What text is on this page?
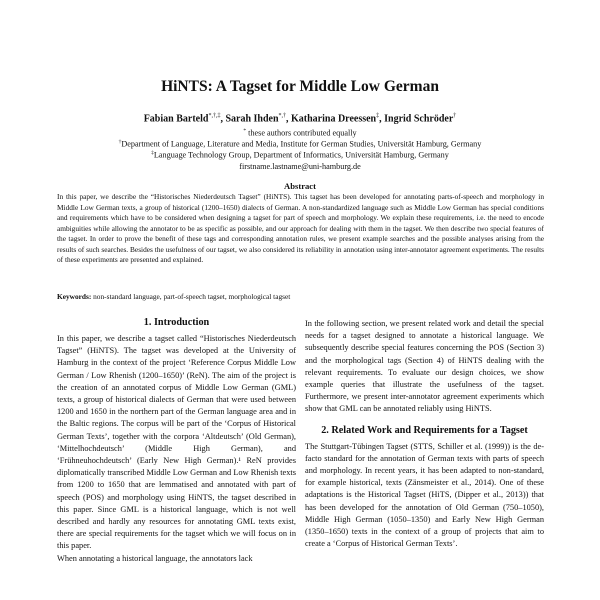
HiNTS: A Tagset for Middle Low German
Fabian Barteld*,†,‡, Sarah Ihden*,†, Katharina Dreessen‡, Ingrid Schröder†
* these authors contributed equally
†Department of Language, Literature and Media, Institute for German Studies, Universität Hamburg, Germany
‡Language Technology Group, Department of Informatics, Universität Hamburg, Germany
firstname.lastname@uni-hamburg.de
Abstract
In this paper, we describe the “Historisches Niederdeutsch Tagset” (HiNTS). This tagset has been developed for annotating parts-of-speech and morphology in Middle Low German texts, a group of historical (1200–1650) dialects of German. A non-standardized language such as Middle Low German has special conditions and requirements which have to be considered when designing a tagset for part of speech and morphology. We explain these requirements, i.e. the need to encode ambiguities while allowing the annotator to be as specific as possible, and our approach for dealing with them in the tagset. We then describe two special features of the tagset. In order to prove the benefit of these tags and corresponding annotation rules, we present example searches and the possible analyses arising from the results of such searches. Besides the usefulness of our tagset, we also considered its reliability in annotation using inter-annotator agreement experiments. The results of these experiments are presented and explained.
Keywords: non-standard language, part-of-speech tagset, morphological tagset
1. Introduction

In this paper, we describe a tagset called “Historisches Niederdeutsch Tagset” (HiNTS). The tagset was developed at the University of Hamburg in the context of the project ‘Reference Corpus Middle Low German / Low Rhenish (1200–1650)’ (ReN). The aim of the project is the creation of an annotated corpus of Middle Low German (GML) texts, a group of historical dialects of German that were used between 1200 and 1650 in the northern part of the German language area and in the Baltic regions. The corpus will be part of the ‘Corpus of Historical German Texts’, together with the corpora ‘Altdeutsch’ (Old German), ‘Mittelhochdeutsch’ (Middle High German), and ‘Frühneuhochdeutsch’ (Early New High German).¹ ReN provides diplomatically transcribed Middle Low German and Low Rhenish texts from 1200 to 1650 that are lemmatised and annotated with part of speech (POS) and morphology using HiNTS, the tagset described in this paper. Since GML is a historical language, which is not well described and hardly any resources for annotating GML texts exist, there are special requirements for the tagset which we will focus on in this paper.

When annotating a historical language, the annotators lack

In the following section, we present related work and detail the special needs for a tagset designed to annotate a historical language. We subsequently describe special features concerning the POS (Section 3) and the morphological tags (Section 4) of HiNTS dealing with the relevant requirements. To evaluate our design choices, we show example queries that illustrate the usefulness of the tagset. Furthermore, we present inter-annotator agreement experiments which show that GML can be annotated reliably using HiNTS.

2. Related Work and Requirements for a Tagset

The Stuttgart-Tübingen Tagset (STTS, Schiller et al. (1999)) is the de-facto standard for the annotation of German texts with parts of speech and morphology. In recent years, it has been adapted to non-standard, for example historical, texts (Zänsmeister et al., 2014). One of these adaptations is the Historical Tagset (HiTS, (Dipper et al., 2013)) that has been developed for the annotation of Old German (750–1050), Middle High German (1050–1350) and Early New High German (1350–1650) texts in the context of a group of projects that aim to create a ‘Corpus of Historical German Texts’.
